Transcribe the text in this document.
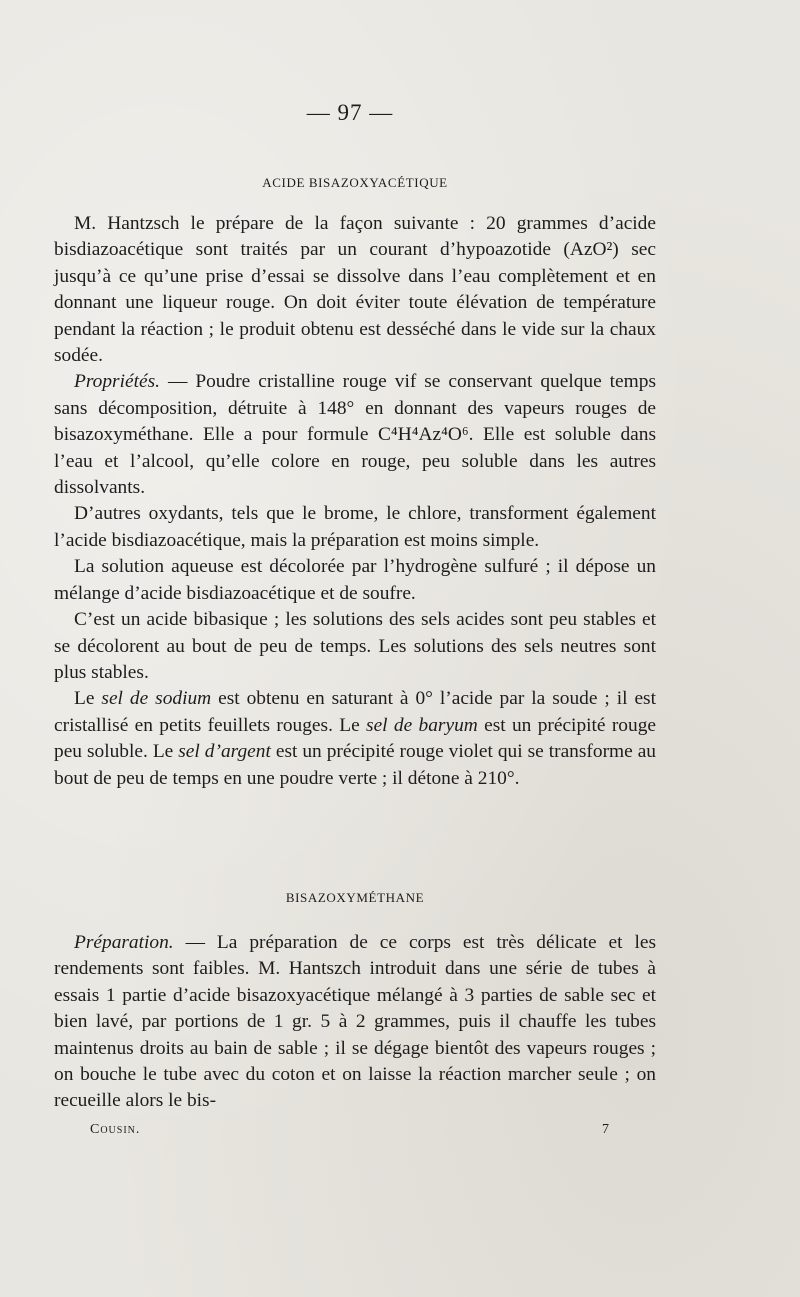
— 97 —
ACIDE BISAZOXYACÉTIQUE

M. Hantzsch le prépare de la façon suivante : 20 grammes d’acide bisdiazoacétique sont traités par un courant d’hypoazotide (AzO²) sec jusqu’à ce qu’une prise d’essai se dissolve dans l’eau complètement et en donnant une liqueur rouge. On doit éviter toute élévation de température pendant la réaction ; le produit obtenu est desséché dans le vide sur la chaux sodée.

Propriétés. — Poudre cristalline rouge vif se conservant quelque temps sans décomposition, détruite à 148° en donnant des vapeurs rouges de bisazoxyméthane. Elle a pour formule C⁴H⁴Az⁴O⁶. Elle est soluble dans l’eau et l’alcool, qu’elle colore en rouge, peu soluble dans les autres dissolvants.

D’autres oxydants, tels que le brome, le chlore, transforment également l’acide bisdiazoacétique, mais la préparation est moins simple.

La solution aqueuse est décolorée par l’hydrogène sulfuré ; il dépose un mélange d’acide bisdiazoacétique et de soufre.

C’est un acide bibasique ; les solutions des sels acides sont peu stables et se décolorent au bout de peu de temps. Les solutions des sels neutres sont plus stables.

Le sel de sodium est obtenu en saturant à 0° l’acide par la soude ; il est cristallisé en petits feuillets rouges. Le sel de baryum est un précipité rouge peu soluble. Le sel d’argent est un précipité rouge violet qui se transforme au bout de peu de temps en une poudre verte ; il détone à 210°.

BISAZOXYMÉTHANE

Préparation. — La préparation de ce corps est très délicate et les rendements sont faibles. M. Hantszch introduit dans une série de tubes à essais 1 partie d’acide bisazoxyacétique mélangé à 3 parties de sable sec et bien lavé, par portions de 1 gr. 5 à 2 grammes, puis il chauffe les tubes maintenus droits au bain de sable ; il se dégage bientôt des vapeurs rouges ; on bouche le tube avec du coton et on laisse la réaction marcher seule ; on recueille alors le bis-

Cousin.	7
